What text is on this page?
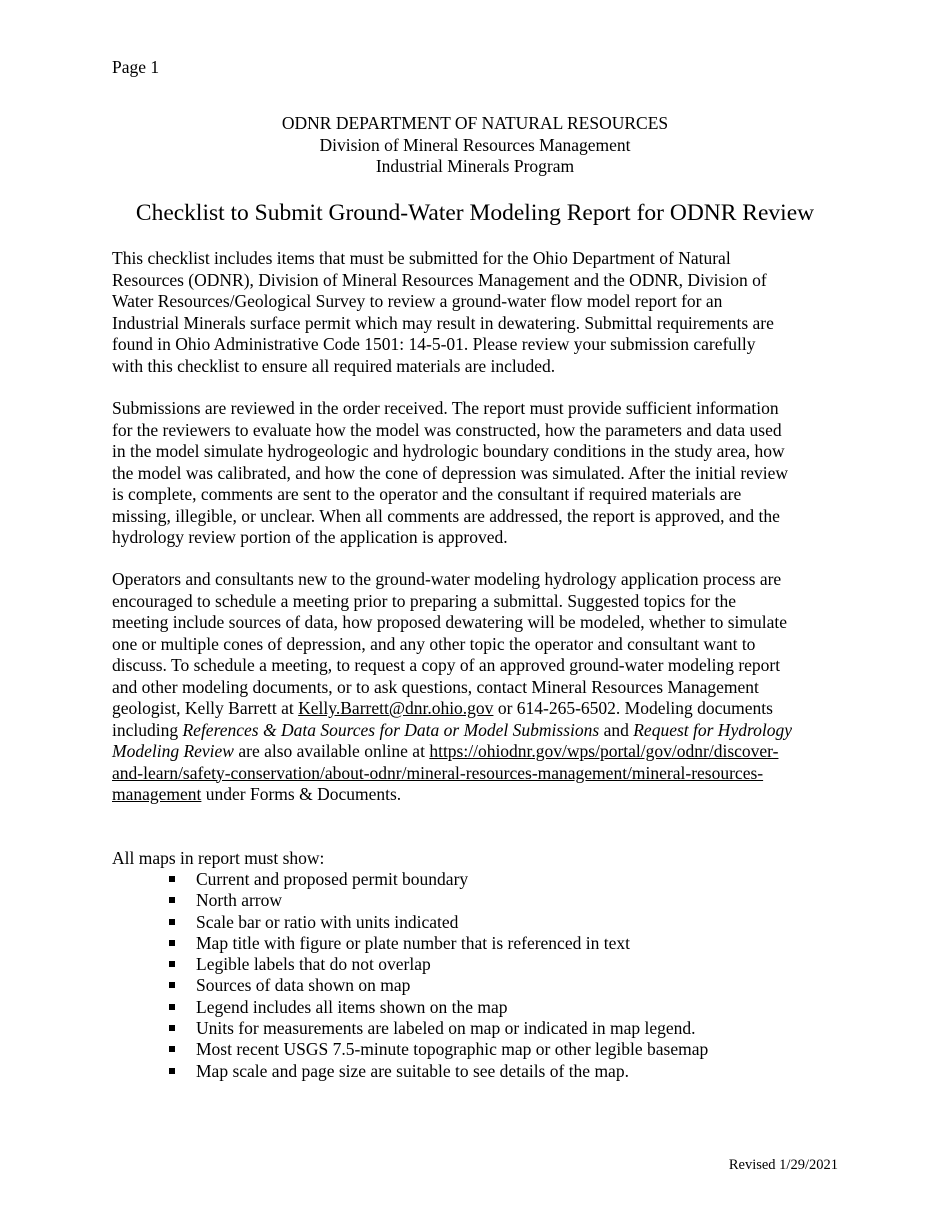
Page 1
ODNR DEPARTMENT OF NATURAL RESOURCES
Division of Mineral Resources Management
Industrial Minerals Program
Checklist to Submit Ground-Water Modeling Report for ODNR Review
This checklist includes items that must be submitted for the Ohio Department of Natural
Resources (ODNR), Division of Mineral Resources Management and the ODNR, Division of
Water Resources/Geological Survey to review a ground-water flow model report for an
Industrial Minerals surface permit which may result in dewatering. Submittal requirements are
found in Ohio Administrative Code 1501: 14-5-01. Please review your submission carefully
with this checklist to ensure all required materials are included.
Submissions are reviewed in the order received. The report must provide sufficient information
for the reviewers to evaluate how the model was constructed, how the parameters and data used
in the model simulate hydrogeologic and hydrologic boundary conditions in the study area, how
the model was calibrated, and how the cone of depression was simulated. After the initial review
is complete, comments are sent to the operator and the consultant if required materials are
missing, illegible, or unclear. When all comments are addressed, the report is approved, and the
hydrology review portion of the application is approved.
Operators and consultants new to the ground-water modeling hydrology application process are
encouraged to schedule a meeting prior to preparing a submittal. Suggested topics for the
meeting include sources of data, how proposed dewatering will be modeled, whether to simulate
one or multiple cones of depression, and any other topic the operator and consultant want to
discuss. To schedule a meeting, to request a copy of an approved ground-water modeling report
and other modeling documents, or to ask questions, contact Mineral Resources Management
geologist, Kelly Barrett at Kelly.Barrett@dnr.ohio.gov or 614-265-6502. Modeling documents
including References & Data Sources for Data or Model Submissions and Request for Hydrology
Modeling Review are also available online at https://ohiodnr.gov/wps/portal/gov/odnr/discover-
and-learn/safety-conservation/about-odnr/mineral-resources-management/mineral-resources-
management under Forms & Documents.
All maps in report must show:
Current and proposed permit boundary
North arrow
Scale bar or ratio with units indicated
Map title with figure or plate number that is referenced in text
Legible labels that do not overlap
Sources of data shown on map
Legend includes all items shown on the map
Units for measurements are labeled on map or indicated in map legend.
Most recent USGS 7.5-minute topographic map or other legible basemap
Map scale and page size are suitable to see details of the map.
Revised 1/29/2021
